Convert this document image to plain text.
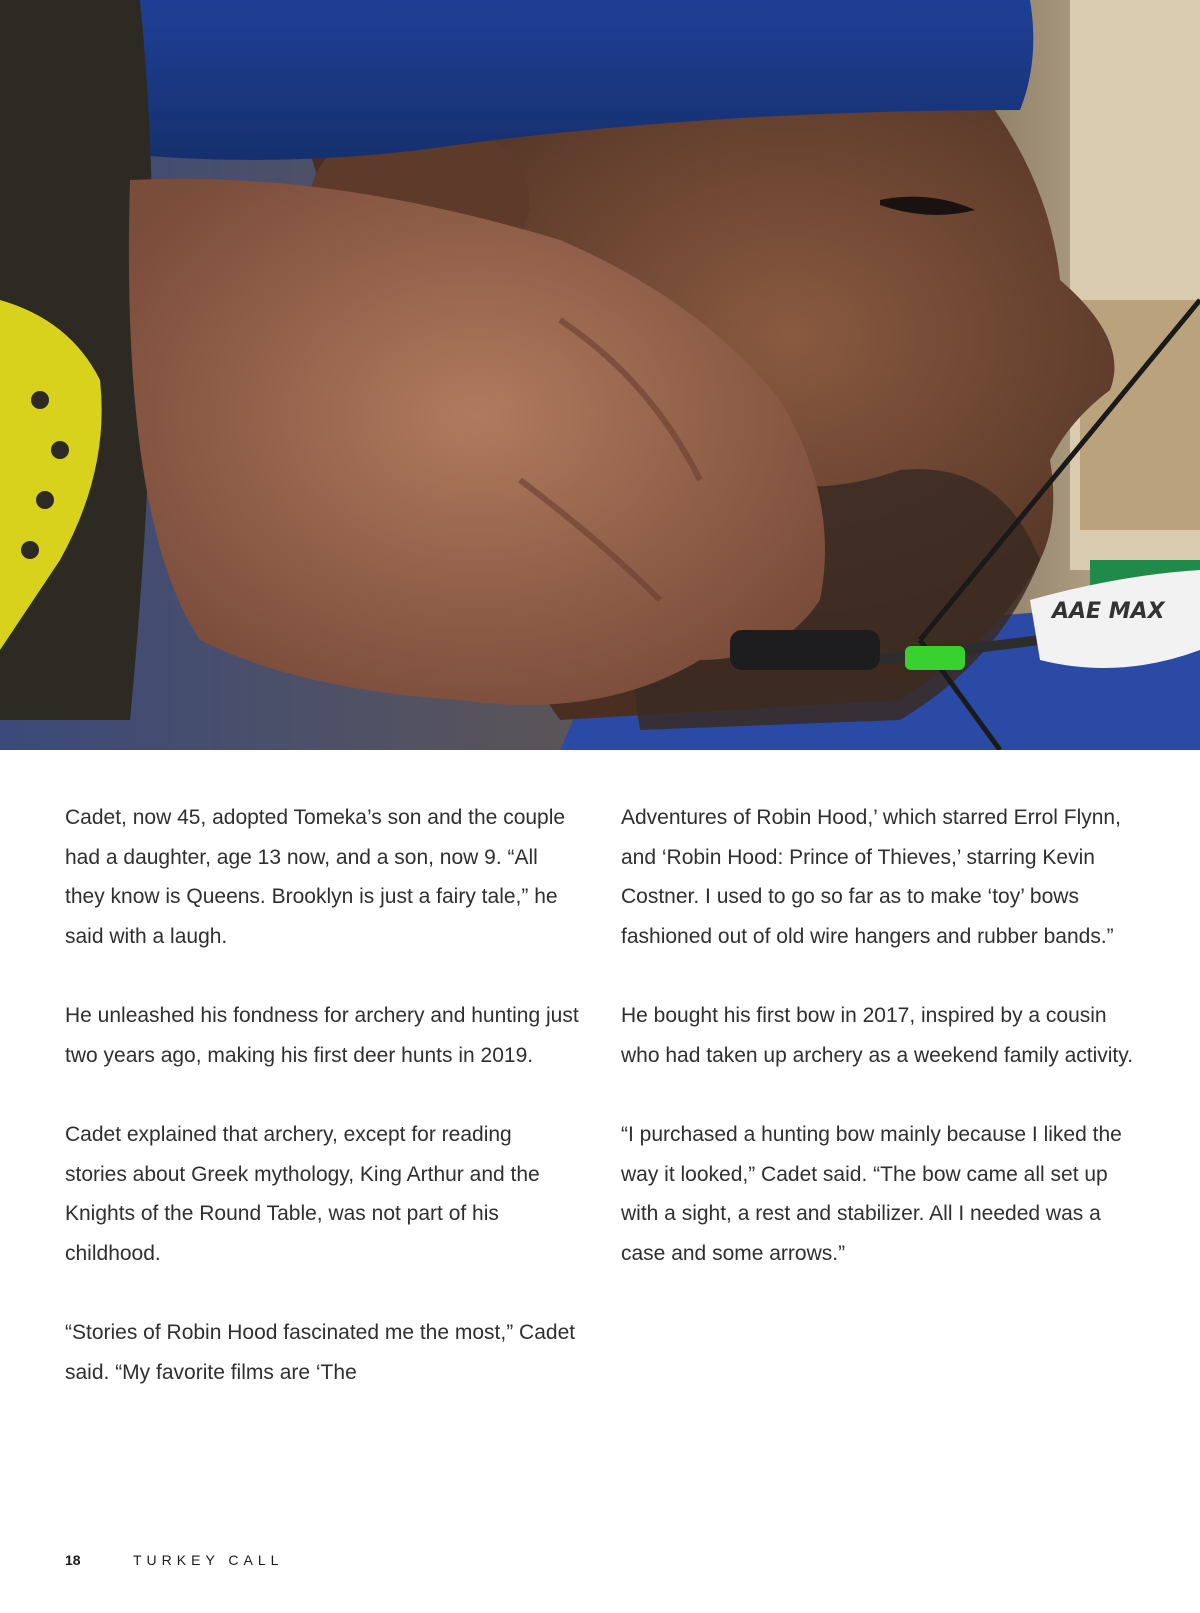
AAE MAX

Cadet, now 45, adopted Tomeka’s son and the couple had a daughter, age 13 now, and a son, now 9. “All they know is Queens. Brooklyn is just a fairy tale,” he said with a laugh.

He unleashed his fondness for archery and hunting just two years ago, making his first deer hunts in 2019.

Cadet explained that archery, except for reading stories about Greek mythology, King Arthur and the Knights of the Round Table, was not part of his childhood.

“Stories of Robin Hood fascinated me the most,” Cadet said. “My favorite films are ‘The

Adventures of Robin Hood,’ which starred Errol Flynn, and ‘Robin Hood: Prince of Thieves,’ starring Kevin Costner. I used to go so far as to make ‘toy’ bows fashioned out of old wire hangers and rubber bands.”

He bought his first bow in 2017, inspired by a cousin who had taken up archery as a weekend family activity.

“I purchased a hunting bow mainly because I liked the way it looked,” Cadet said. “The bow came all set up with a sight, a rest and stabilizer. All I needed was a case and some arrows.”

18	TURKEY CALL
